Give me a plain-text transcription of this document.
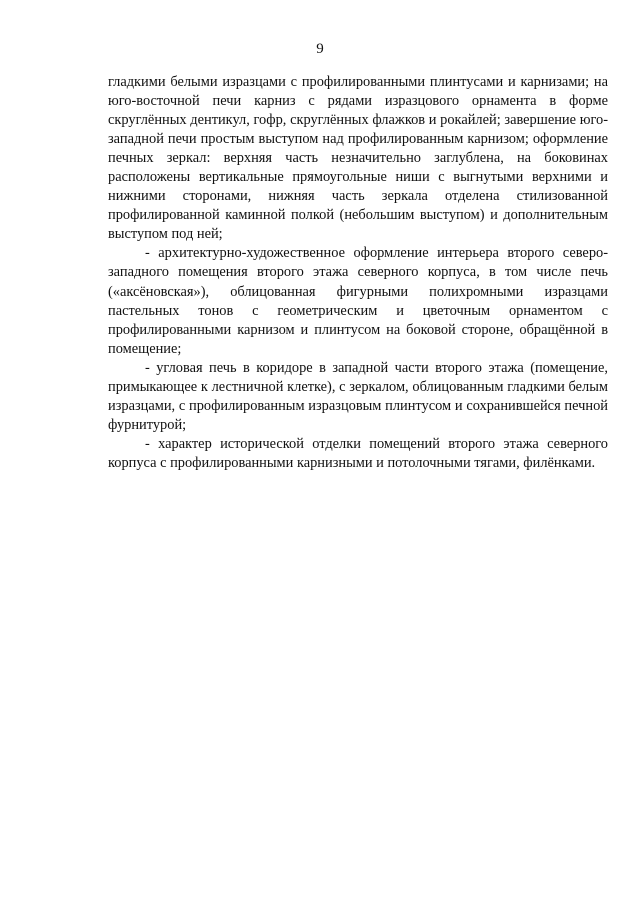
9

гладкими белыми изразцами с профилированными плинтусами и карнизами; на юго-восточной печи карниз с рядами изразцового орнамента в форме скруглённых дентикул, гофр, скруглённых флажков и рокайлей; завершение юго-западной печи простым выступом над профилированным карнизом; оформление печных зеркал: верхняя часть незначительно заглублена, на боковинах расположены вертикальные прямоугольные ниши с выгнутыми верхними и нижними сторонами, нижняя часть зеркала отделена стилизованной профилированной каминной полкой (небольшим выступом) и дополнительным выступом под ней;

- архитектурно-художественное оформление интерьера второго северо-западного помещения второго этажа северного корпуса, в том числе печь («аксёновская»), облицованная фигурными полихромными изразцами пастельных тонов с геометрическим и цветочным орнаментом с профилированными карнизом и плинтусом на боковой стороне, обращённой в помещение;

- угловая печь в коридоре в западной части второго этажа (помещение, примыкающее к лестничной клетке), с зеркалом, облицованным гладкими белым изразцами, с профилированным изразцовым плинтусом и сохранившейся печной фурнитурой;

- характер исторической отделки помещений второго этажа северного корпуса с профилированными карнизными и потолочными тягами, филёнками.
